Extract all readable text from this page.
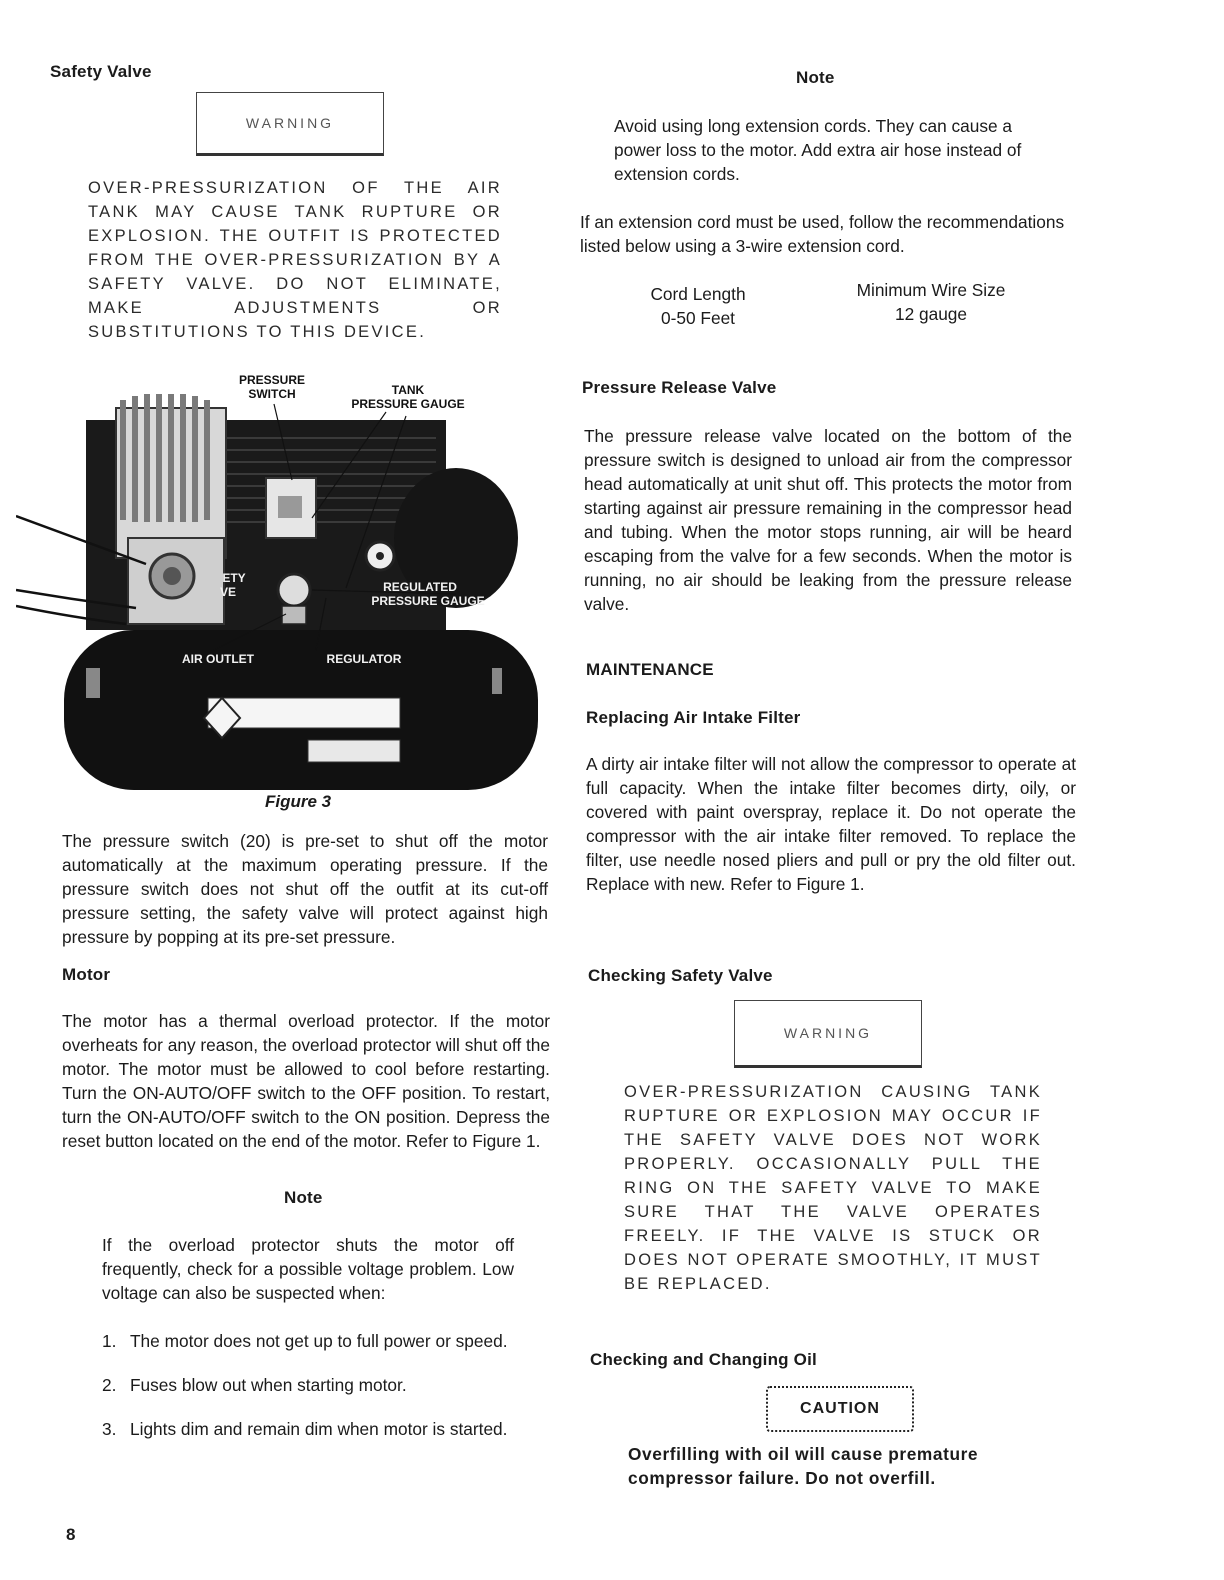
Safety Valve
WARNING
OVER-PRESSURIZATION OF THE AIR TANK MAY CAUSE TANK RUPTURE OR EXPLOSION. THE OUTFIT IS PROTECTED FROM THE OVER-PRESSURIZATION BY A SAFETY VALVE. DO NOT ELIMINATE, MAKE ADJUSTMENTS OR SUBSTITUTIONS TO THIS DEVICE.
PRESSURE
SWITCH	TANK
PRESSURE GAUGE
ETY
VE	REGULATED
PRESSURE GAUGE
AIR OUTLET	REGULATOR
Figure 3
The pressure switch (20) is pre-set to shut off the motor automatically at the maximum operating pressure. If the pressure switch does not shut off the outfit at its cut-off pressure setting, the safety valve will protect against high pressure by popping at its pre-set pressure.
Motor
The motor has a thermal overload protector. If the motor overheats for any reason, the overload protector will shut off the motor. The motor must be allowed to cool before restarting. Turn the ON-AUTO/OFF switch to the OFF position. To restart, turn the ON-AUTO/OFF switch to the ON position. Depress the reset button located on the end of the motor. Refer to Figure 1.
Note
If the overload protector shuts the motor off frequently, check for a possible voltage problem. Low voltage can also be suspected when:
1. The motor does not get up to full power or speed.
2. Fuses blow out when starting motor.
3. Lights dim and remain dim when motor is started.
8
Note
Avoid using long extension cords. They can cause a power loss to the motor. Add extra air hose instead of extension cords.
If an extension cord must be used, follow the recommendations listed below using a 3-wire extension cord.
Cord Length	Minimum Wire Size
0-50 Feet	12 gauge
Pressure Release Valve
The pressure release valve located on the bottom of the pressure switch is designed to unload air from the compressor head automatically at unit shut off. This protects the motor from starting against air pressure remaining in the compressor head and tubing. When the motor stops running, air will be heard escaping from the valve for a few seconds. When the motor is running, no air should be leaking from the pressure release valve.
MAINTENANCE
Replacing Air Intake Filter
A dirty air intake filter will not allow the compressor to operate at full capacity. When the intake filter becomes dirty, oily, or covered with paint overspray, replace it. Do not operate the compressor with the air intake filter removed. To replace the filter, use needle nosed pliers and pull or pry the old filter out. Replace with new. Refer to Figure 1.
Checking Safety Valve
WARNING
OVER-PRESSURIZATION CAUSING TANK RUPTURE OR EXPLOSION MAY OCCUR IF THE SAFETY VALVE DOES NOT WORK PROPERLY. OCCASIONALLY PULL THE RING ON THE SAFETY VALVE TO MAKE SURE THAT THE VALVE OPERATES FREELY. IF THE VALVE IS STUCK OR DOES NOT OPERATE SMOOTHLY, IT MUST BE REPLACED.
Checking and Changing Oil
CAUTION
Overfilling with oil will cause premature compressor failure. Do not overfill.
